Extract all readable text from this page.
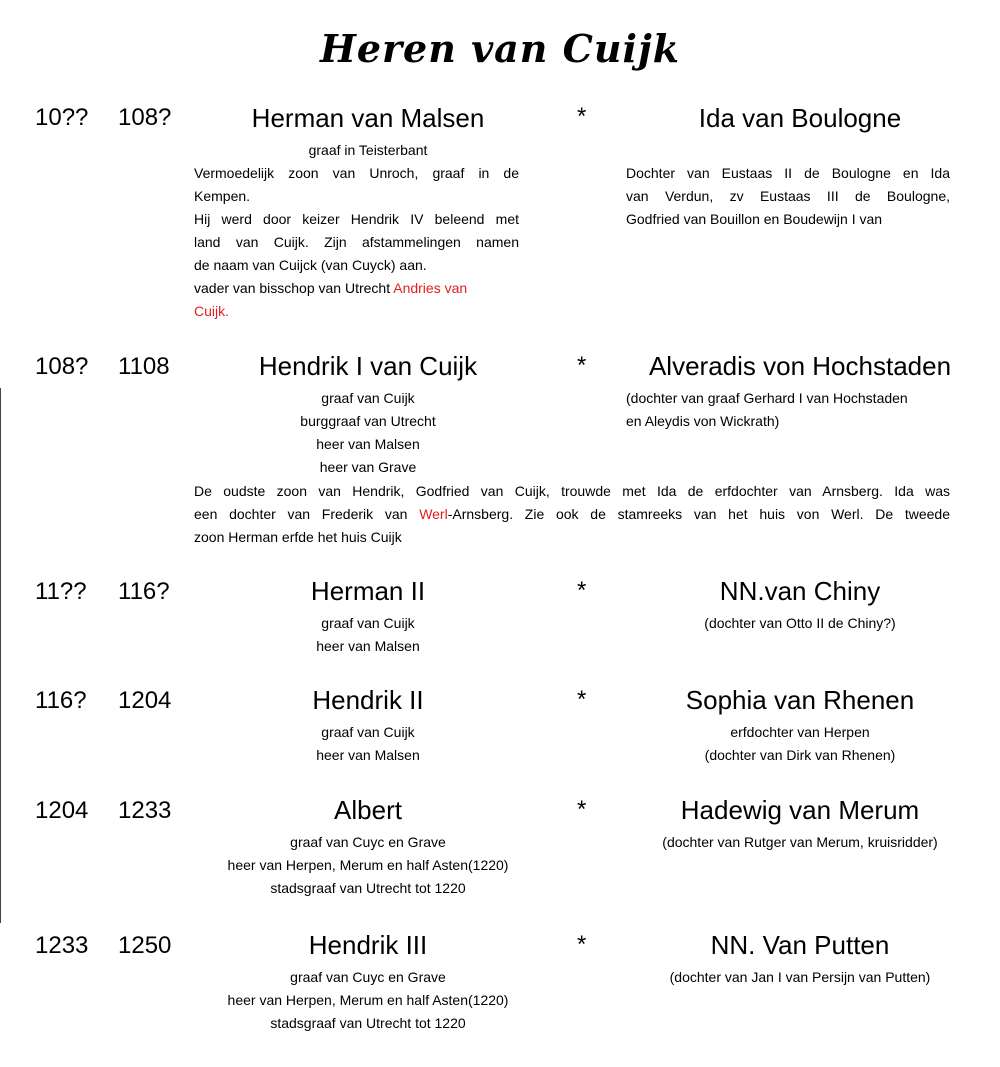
Heren van Cuijk
10?? 108?	Herman van Malsen
graaf in Teisterbant
Vermoedelijk zoon van Unroch, graaf in de
Kempen.
Hij werd door keizer Hendrik IV beleend met
land van Cuijk. Zijn afstammelingen namen
de naam van Cuijck (van Cuyck) aan.
vader van bisschop van Utrecht Andries van
Cuijk.
*	Ida van Boulogne
Dochter van Eustaas II de Boulogne en Ida
van Verdun, zv Eustaas III de Boulogne,
Godfried van Bouillon en Boudewijn I van
108? 1108	Hendrik I van Cuijk
graaf van Cuijk
burggraaf van Utrecht
heer van Malsen
heer van Grave
*	Alveradis von Hochstaden
(dochter van graaf Gerhard I van Hochstaden
en Aleydis von Wickrath)
De oudste zoon van Hendrik, Godfried van Cuijk, trouwde met Ida de erfdochter van Arnsberg. Ida was
een dochter van Frederik van Werl-Arnsberg. Zie ook de stamreeks van het huis von Werl. De tweede
zoon Herman erfde het huis Cuijk
11?? 116?	Herman II
graaf van Cuijk
heer van Malsen
*	NN.van Chiny
(dochter van Otto II de Chiny?)
116? 1204	Hendrik II
graaf van Cuijk
heer van Malsen
*	Sophia van Rhenen
erfdochter van Herpen
(dochter van Dirk van Rhenen)
1204 1233	Albert
graaf van Cuyc en Grave
heer van Herpen, Merum en half Asten(1220)
stadsgraaf van Utrecht tot 1220
*	Hadewig van Merum
(dochter van Rutger van Merum, kruisridder)
1233 1250	Hendrik III
graaf van Cuyc en Grave
heer van Herpen, Merum en half Asten(1220)
stadsgraaf van Utrecht tot 1220
*	NN. Van Putten
(dochter van Jan I van Persijn van Putten)
